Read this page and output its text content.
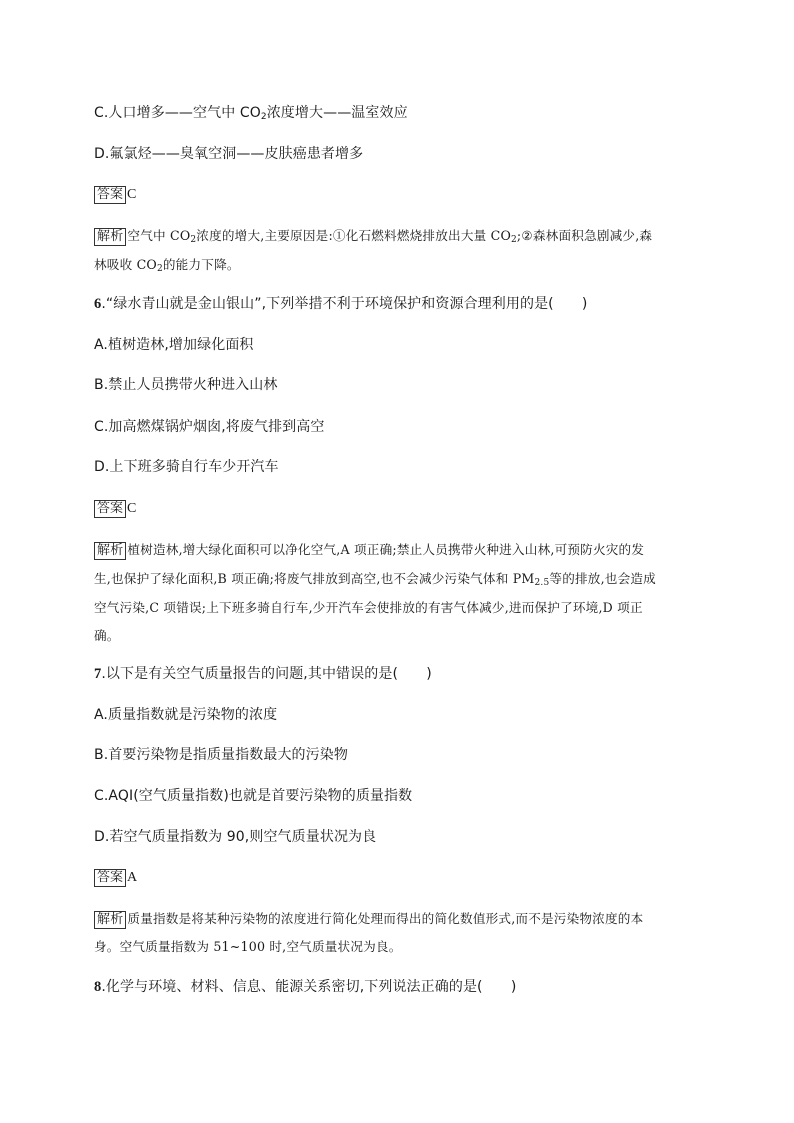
C.人口增多——空气中 $CO_2$浓度增大——温室效应
D.氟氯烃——臭氧空洞——皮肤癌患者增多
答案 C
解析 空气中 $CO_2$浓度的增大,主要原因是:①化石燃料燃烧排放出大量 $CO_2;②$森林面积急剧减少,森
林吸收 $CO_2$的能力下降。
6.“绿水青山就是金山银山”,下列举措不利于环境保护和资源合理利用的是(　　)
A.植树造林,增加绿化面积
B.禁止人员携带火种进入山林
C.加高燃煤锅炉烟囱,将废气排到高空
D.上下班多骑自行车少开汽车
答案 C
解析 植树造林,增大绿化面积可以净化空气,A 项正确;禁止人员携带火种进入山林,可预防火灾的发
生,也保护了绿化面积,B 项正确;将废气排放到高空,也不会减少污染气体和 $PM_{2.5}$等的排放,也会造成
空气污染,C 项错误;上下班多骑自行车,少开汽车会使排放的有害气体减少,进而保护了环境,D 项正
确。
7.以下是有关空气质量报告的问题,其中错误的是(　　)
A.质量指数就是污染物的浓度
B.首要污染物是指质量指数最大的污染物
C.AQI(空气质量指数)也就是首要污染物的质量指数
D.若空气质量指数为 90,则空气质量状况为良
答案 A
解析 质量指数是将某种污染物的浓度进行简化处理而得出的简化数值形式,而不是污染物浓度的本
身。空气质量指数为 51~100 时,空气质量状况为良。
8.化学与环境、材料、信息、能源关系密切,下列说法正确的是(　　)
